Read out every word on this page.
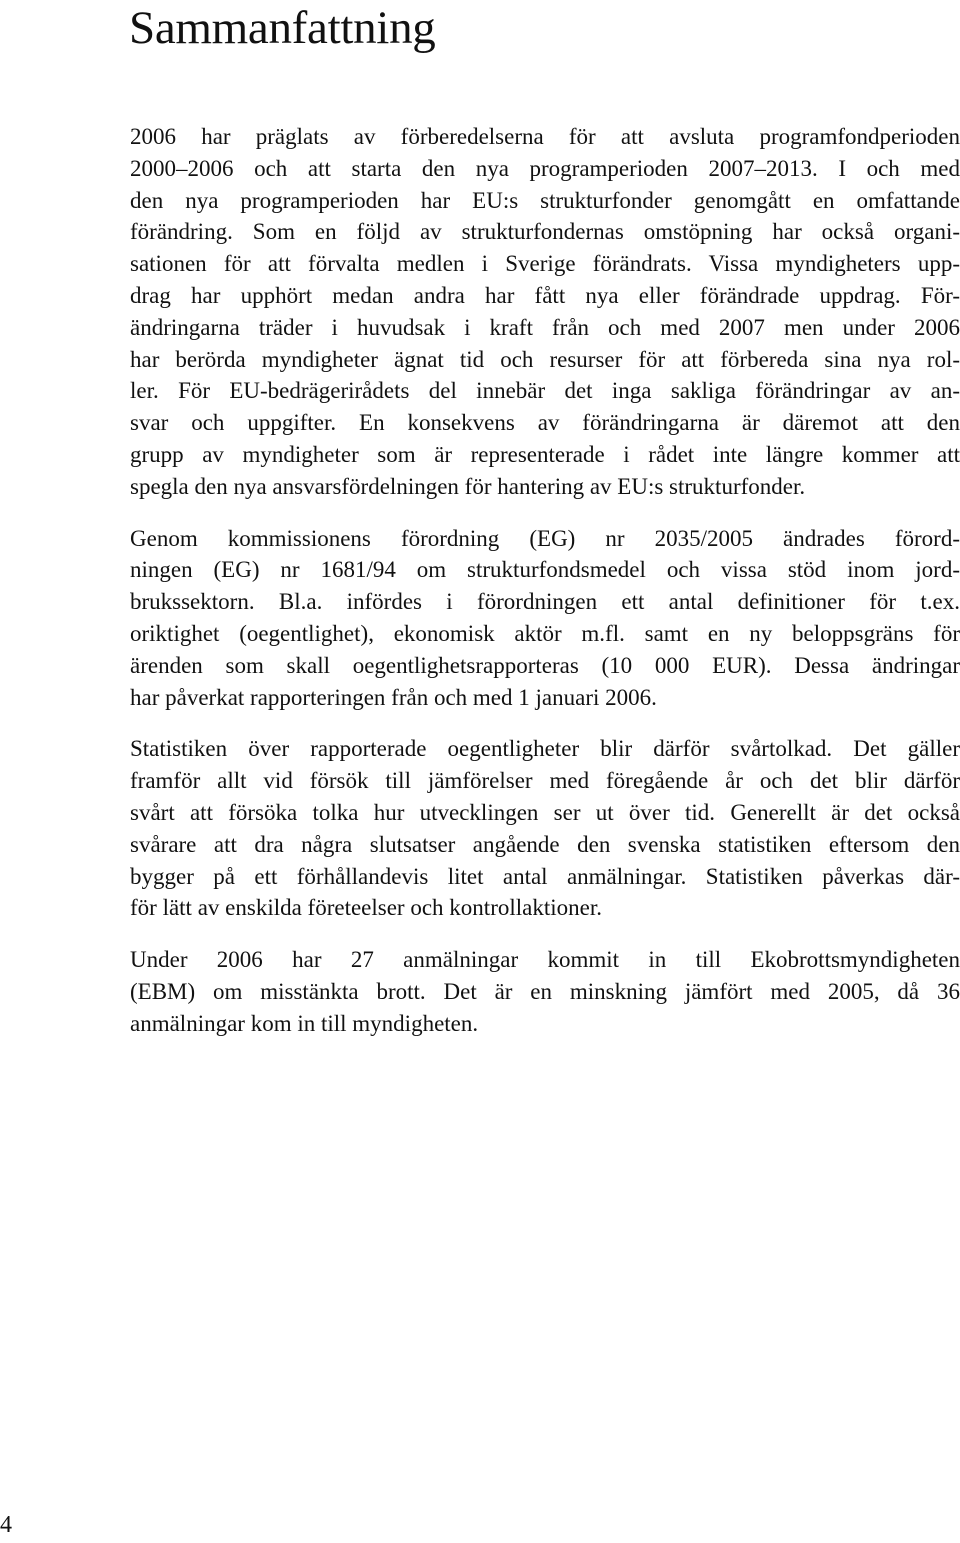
Sammanfattning
2006 har präglats av förberedelserna för att avsluta programfondperioden
2000–2006 och att starta den nya programperioden 2007–2013. I och med
den nya programperioden har EU:s strukturfonder genomgått en omfattande
förändring. Som en följd av strukturfondernas omstöpning har också organi-
sationen för att förvalta medlen i Sverige förändrats. Vissa myndigheters upp-
drag har upphört medan andra har fått nya eller förändrade uppdrag. För-
ändringarna träder i huvudsak i kraft från och med 2007 men under 2006
har berörda myndigheter ägnat tid och resurser för att förbereda sina nya rol-
ler. För EU-bedrägerirådets del innebär det inga sakliga förändringar av an-
svar och uppgifter. En konsekvens av förändringarna är däremot att den
grupp av myndigheter som är representerade i rådet inte längre kommer att
spegla den nya ansvarsfördelningen för hantering av EU:s strukturfonder.
Genom kommissionens förordning (EG) nr 2035/2005 ändrades förord-
ningen (EG) nr 1681/94 om strukturfondsmedel och vissa stöd inom jord-
brukssektorn. Bl.a. infördes i förordningen ett antal definitioner för t.ex.
oriktighet (oegentlighet), ekonomisk aktör m.fl. samt en ny beloppsgräns för
ärenden som skall oegentlighetsrapporteras (10 000 EUR). Dessa ändringar
har påverkat rapporteringen från och med 1 januari 2006.
Statistiken över rapporterade oegentligheter blir därför svårtolkad. Det gäller
framför allt vid försök till jämförelser med föregående år och det blir därför
svårt att försöka tolka hur utvecklingen ser ut över tid. Generellt är det också
svårare att dra några slutsatser angående den svenska statistiken eftersom den
bygger på ett förhållandevis litet antal anmälningar. Statistiken påverkas där-
för lätt av enskilda företeelser och kontrollaktioner.
Under 2006 har 27 anmälningar kommit in till Ekobrottsmyndigheten
(EBM) om misstänkta brott. Det är en minskning jämfört med 2005, då 36
anmälningar kom in till myndigheten.
4
